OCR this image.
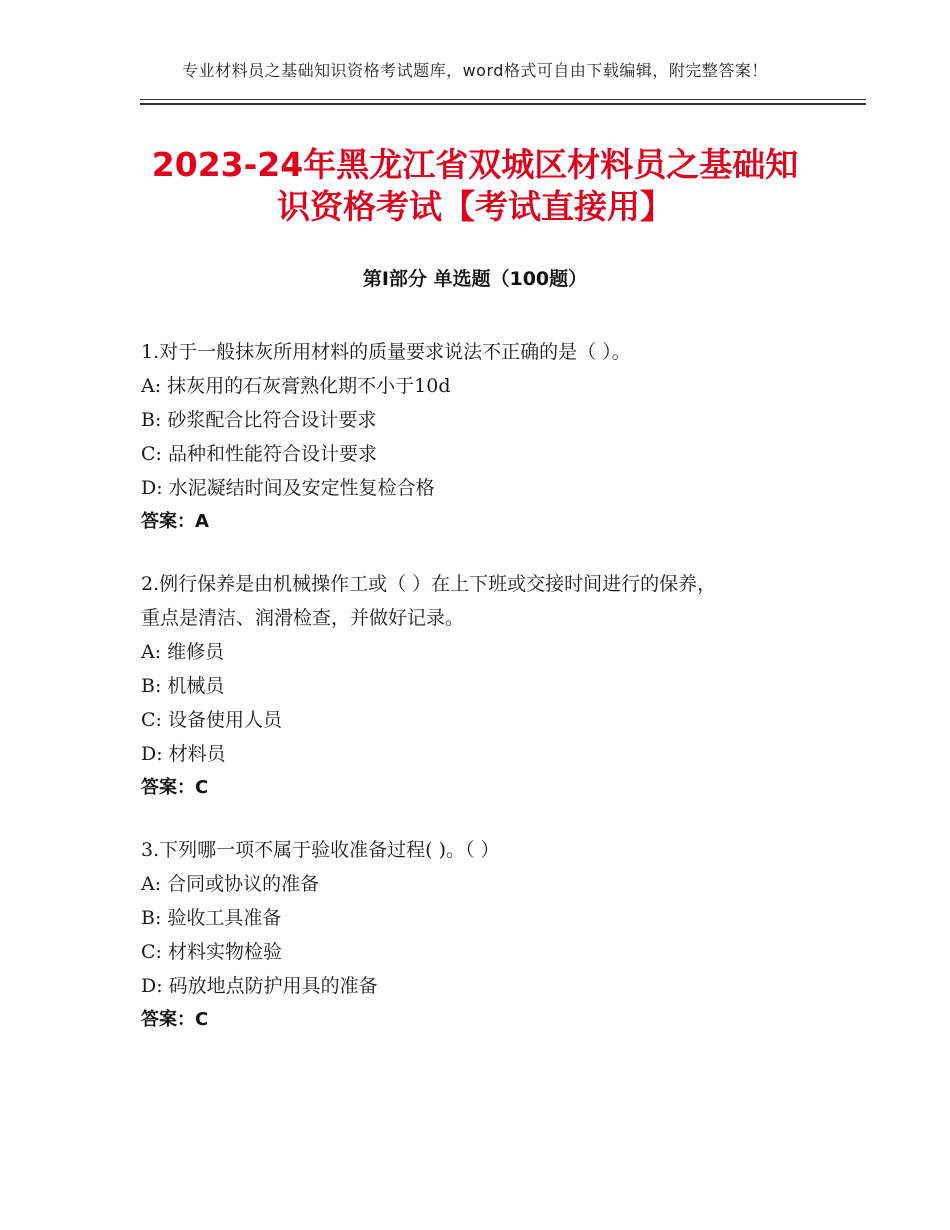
专业材料员之基础知识资格考试题库，word格式可自由下载编辑，附完整答案！
2023-24年黑龙江省双城区材料员之基础知
识资格考试【考试直接用】
第Ⅰ部分 单选题（100题）
1.对于一般抹灰所用材料的质量要求说法不正确的是（ ）。
A: 抹灰用的石灰膏熟化期不小于10d
B: 砂浆配合比符合设计要求
C: 品种和性能符合设计要求
D: 水泥凝结时间及安定性复检合格
答案：A
2.例行保养是由机械操作工或（ ）在上下班或交接时间进行的保养，
重点是清洁、润滑检查，并做好记录。
A: 维修员
B: 机械员
C: 设备使用人员
D: 材料员
答案：C
3.下列哪一项不属于验收准备过程( )。（ ）
A: 合同或协议的准备
B: 验收工具准备
C: 材料实物检验
D: 码放地点防护用具的准备
答案：C
